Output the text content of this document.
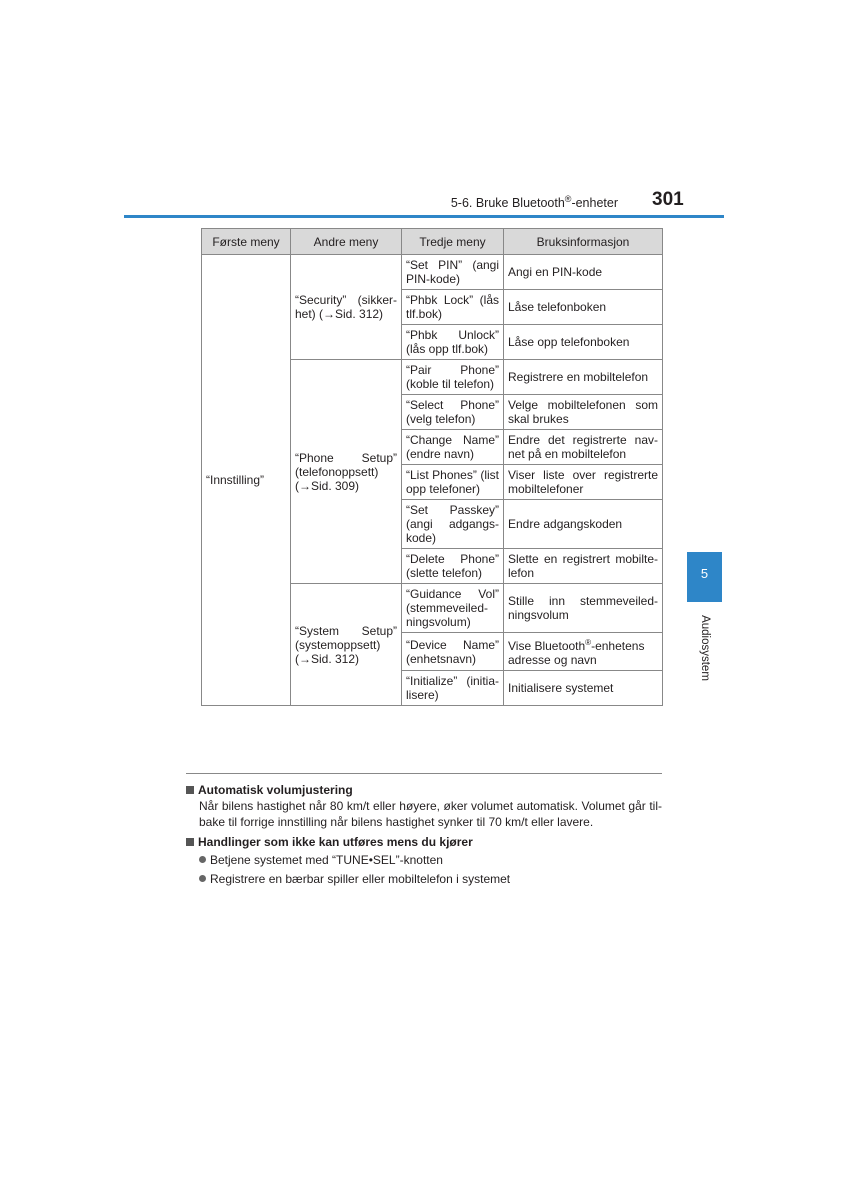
5-6. Bruke Bluetooth®-enheter 301
5
Audiosystem
Første meny	Andre meny	Tredje meny	Bruksinformasjon
“Innstilling”	“Security” (sikker-het) (→Sid. 312)	“Set PIN” (angi PIN-kode)	Angi en PIN-kode
		“Phbk Lock” (lås tlf.bok)	Låse telefonboken
		“Phbk Unlock” (lås opp tlf.bok)	Låse opp telefonboken
	“Phone Setup” (telefonoppsett) (→Sid. 309)	“Pair Phone” (koble til telefon)	Registrere en mobiltelefon
		“Select Phone” (velg telefon)	Velge mobiltelefonen som skal brukes
		“Change Name” (endre navn)	Endre det registrerte nav-net på en mobiltelefon
		“List Phones” (list opp telefoner)	Viser liste over registrerte mobiltelefoner
		“Set Passkey” (angi adgangs-kode)	Endre adgangskoden
		“Delete Phone” (slette telefon)	Slette en registrert mobilte-lefon
	“System Setup” (systemoppsett) (→Sid. 312)	“Guidance Vol” (stemmeveiled-ningsvolum)	Stille inn stemmeveiled-ningsvolum
		“Device Name” (enhetsnavn)	Vise Bluetooth®-enhetens adresse og navn
		“Initialize” (initia-lisere)	Initialisere systemet
Automatisk volumjustering
Når bilens hastighet når 80 km/t eller høyere, øker volumet automatisk. Volumet går til-bake til forrige innstilling når bilens hastighet synker til 70 km/t eller lavere.
Handlinger som ikke kan utføres mens du kjører
Betjene systemet med “TUNE•SEL”-knotten
Registrere en bærbar spiller eller mobiltelefon i systemet
